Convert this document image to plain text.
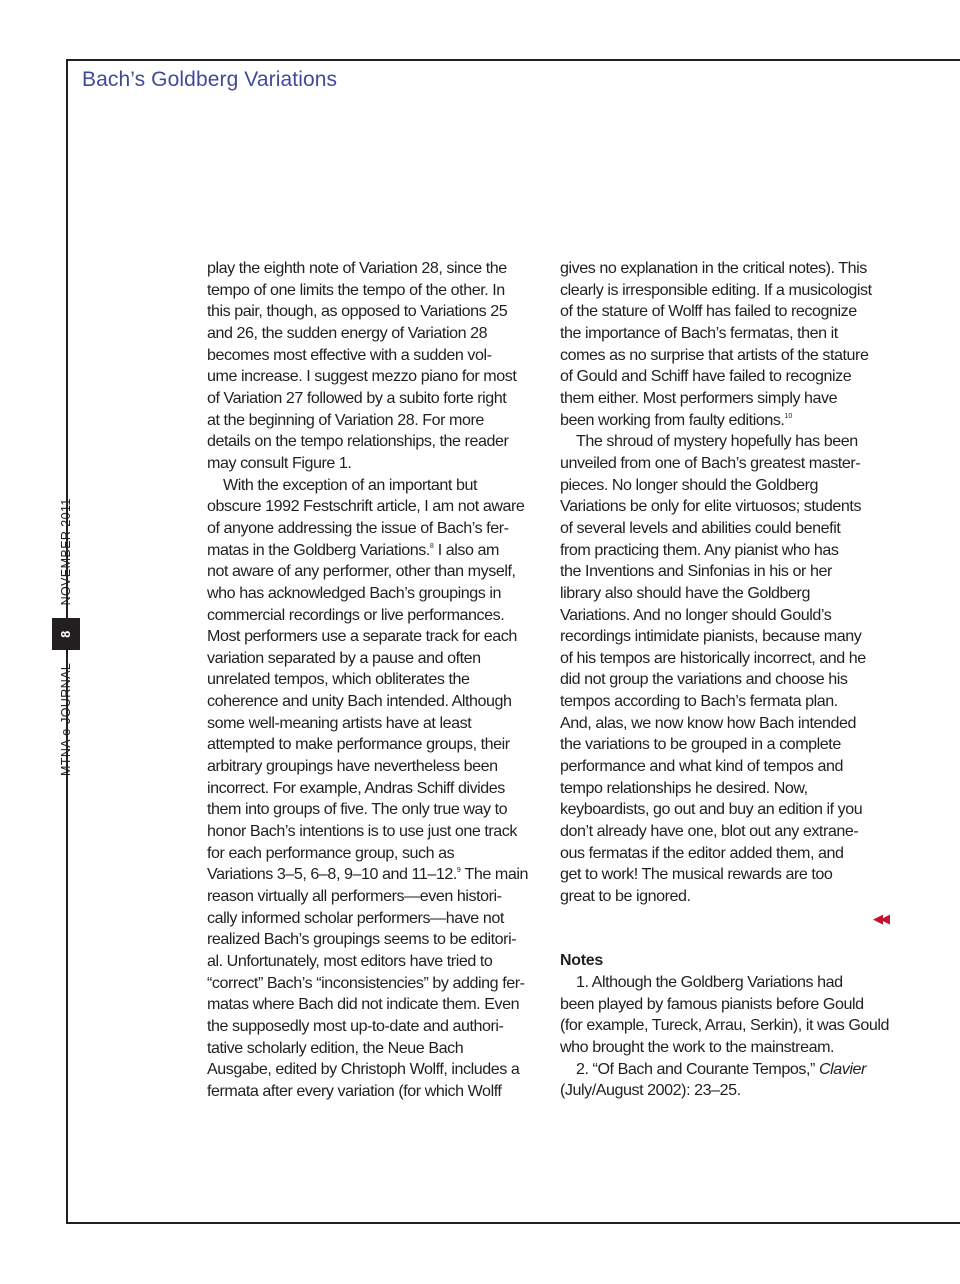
Bach’s Goldberg Variations
MTNA e-JOURNAL
8
NOVEMBER 2011
play the eighth note of Variation 28, since the
tempo of one limits the tempo of the other. In
this pair, though, as opposed to Variations 25
and 26, the sudden energy of Variation 28
becomes most effective with a sudden vol-
ume increase. I suggest mezzo piano for most
of Variation 27 followed by a subito forte right
at the beginning of Variation 28. For more
details on the tempo relationships, the reader
may consult Figure 1.
With the exception of an important but
obscure 1992 Festschrift article, I am not aware
of anyone addressing the issue of Bach’s fer-
matas in the Goldberg Variations.$^8$ I also am
not aware of any performer, other than myself,
who has acknowledged Bach’s groupings in
commercial recordings or live performances.
Most performers use a separate track for each
variation separated by a pause and often
unrelated tempos, which obliterates the
coherence and unity Bach intended. Although
some well-meaning artists have at least
attempted to make performance groups, their
arbitrary groupings have nevertheless been
incorrect. For example, Andras Schiff divides
them into groups of five. The only true way to
honor Bach’s intentions is to use just one track
for each performance group, such as
Variations 3–5, 6–8, 9–10 and 11–12.$^9$ The main
reason virtually all performers—even histori-
cally informed scholar performers—have not
realized Bach’s groupings seems to be editori-
al. Unfortunately, most editors have tried to
“correct” Bach’s “inconsistencies” by adding fer-
matas where Bach did not indicate them. Even
the supposedly most up-to-date and authori-
tative scholarly edition, the Neue Bach
Ausgabe, edited by Christoph Wolff, includes a
fermata after every variation (for which Wolff
gives no explanation in the critical notes). This
clearly is irresponsible editing. If a musicologist
of the stature of Wolff has failed to recognize
the importance of Bach’s fermatas, then it
comes as no surprise that artists of the stature
of Gould and Schiff have failed to recognize
them either. Most performers simply have
been working from faulty editions.$^{10}$
The shroud of mystery hopefully has been
unveiled from one of Bach’s greatest master-
pieces. No longer should the Goldberg
Variations be only for elite virtuosos; students
of several levels and abilities could benefit
from practicing them. Any pianist who has
the Inventions and Sinfonias in his or her
library also should have the Goldberg
Variations. And no longer should Gould’s
recordings intimidate pianists, because many
of his tempos are historically incorrect, and he
did not group the variations and choose his
tempos according to Bach’s fermata plan.
And, alas, we now know how Bach intended
the variations to be grouped in a complete
performance and what kind of tempos and
tempo relationships he desired. Now,
keyboardists, go out and buy an edition if you
don’t already have one, blot out any extrane-
ous fermatas if the editor added them, and
get to work! The musical rewards are too
great to be ignored.
◀◀
Notes
1. Although the Goldberg Variations had
been played by famous pianists before Gould
(for example, Tureck, Arrau, Serkin), it was Gould
who brought the work to the mainstream.
2. “Of Bach and Courante Tempos,” Clavier
(July/August 2002): 23–25.
